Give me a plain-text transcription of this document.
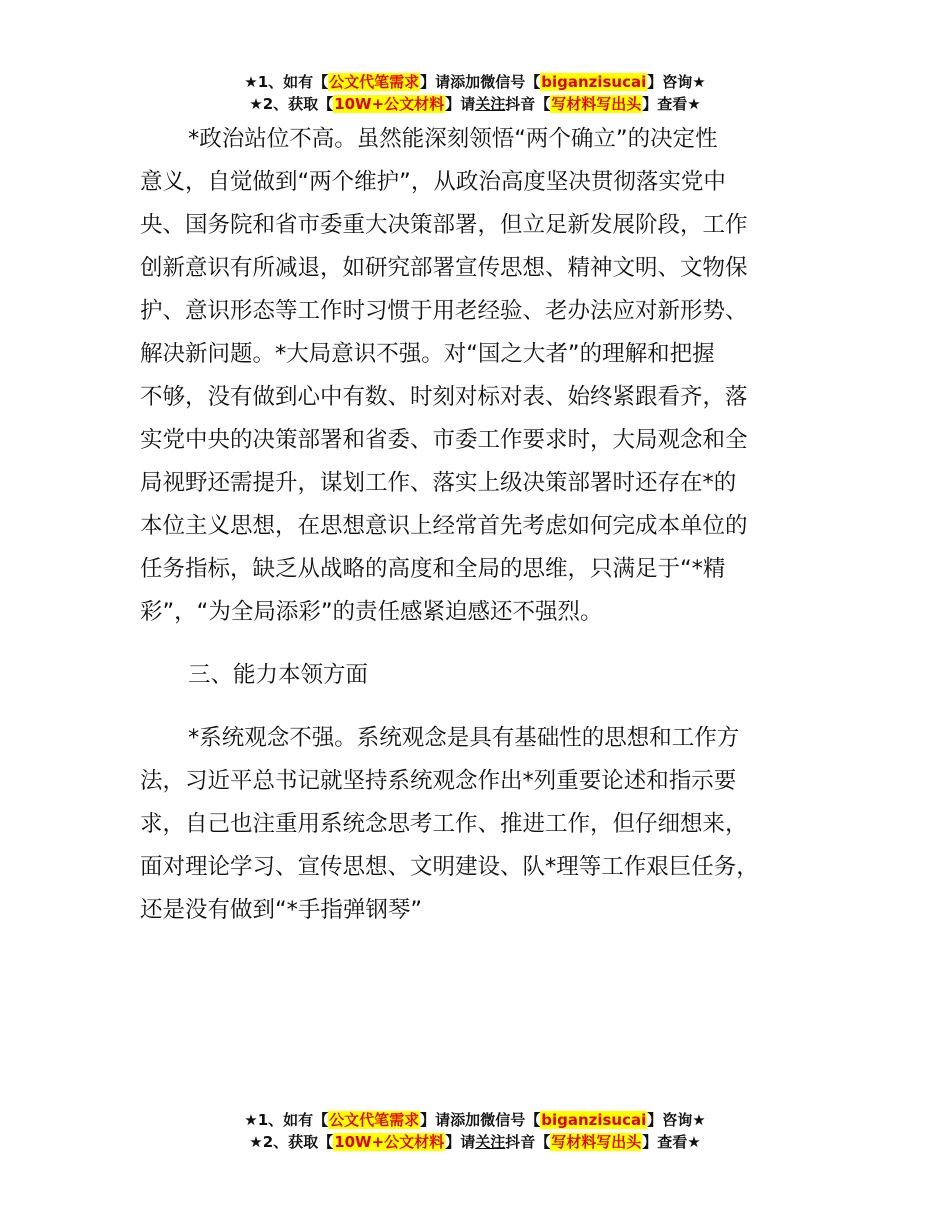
★1、如有【公文代笔需求】请添加微信号【biganzisucai】咨询★
★2、获取【10W+公文材料】请关注抖音【写材料写出头】查看★
*政治站位不高。虽然能深刻领悟“两个确立”的决定性
意义，自觉做到“两个维护”，从政治高度坚决贯彻落实党中
央、国务院和省市委重大决策部署，但立足新发展阶段，工作
创新意识有所减退，如研究部署宣传思想、精神文明、文物保
护、意识形态等工作时习惯于用老经验、老办法应对新形势、
解决新问题。*大局意识不强。对“国之大者”的理解和把握
不够，没有做到心中有数、时刻对标对表、始终紧跟看齐，落
实党中央的决策部署和省委、市委工作要求时，大局观念和全
局视野还需提升，谋划工作、落实上级决策部署时还存在*的
本位主义思想，在思想意识上经常首先考虑如何完成本单位的
任务指标，缺乏从战略的高度和全局的思维，只满足于“*精
彩”，“为全局添彩”的责任感紧迫感还不强烈。
三、能力本领方面
*系统观念不强。系统观念是具有基础性的思想和工作方
法，习近平总书记就坚持系统观念作出*列重要论述和指示要
求，自己也注重用系统念思考工作、推进工作，但仔细想来，
面对理论学习、宣传思想、文明建设、队*理等工作艰巨任务，
还是没有做到“*手指弹钢琴”
★1、如有【公文代笔需求】请添加微信号【biganzisucai】咨询★
★2、获取【10W+公文材料】请关注抖音【写材料写出头】查看★
